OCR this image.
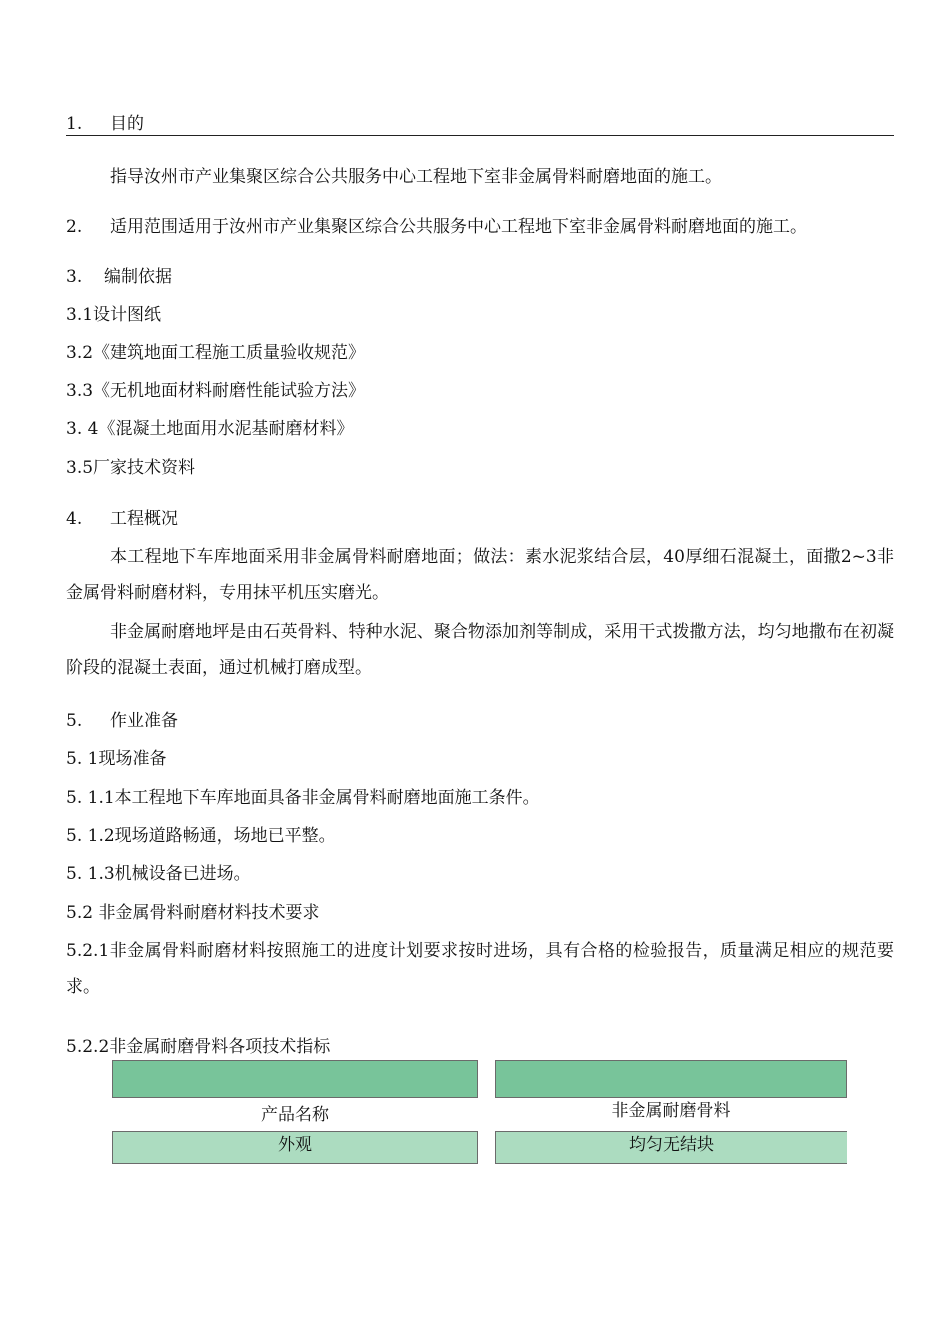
1. 目的
指导汝州市产业集聚区综合公共服务中心工程地下室非金属骨料耐磨地面的施工。
2. 适用范围适用于汝州市产业集聚区综合公共服务中心工程地下室非金属骨料耐磨地面的施工。
3. 编制依据
3.1设计图纸
3.2《建筑地面工程施工质量验收规范》
3.3《无机地面材料耐磨性能试验方法》
3. 4《混凝土地面用水泥基耐磨材料》
3.5厂家技术资料
4. 工程概况
本工程地下车库地面采用非金属骨料耐磨地面；做法：素水泥浆结合层，40厚细石混凝土，面撒2~3非金属骨料耐磨材料，专用抹平机压实磨光。
非金属耐磨地坪是由石英骨料、特种水泥、聚合物添加剂等制成，采用干式拨撒方法，均匀地撒布在初凝阶段的混凝土表面，通过机械打磨成型。
5. 作业准备
5. 1现场准备
5. 1.1本工程地下车库地面具备非金属骨料耐磨地面施工条件。
5. 1.2现场道路畅通，场地已平整。
5. 1.3机械设备已进场。
5.2 非金属骨料耐磨材料技术要求
5.2.1非金属骨料耐磨材料按照施工的进度计划要求按时进场，具有合格的检验报告，质量满足相应的规范要求。
5.2.2非金属耐磨骨料各项技术指标
产品名称	非金属耐磨骨料
外观	均匀无结块
